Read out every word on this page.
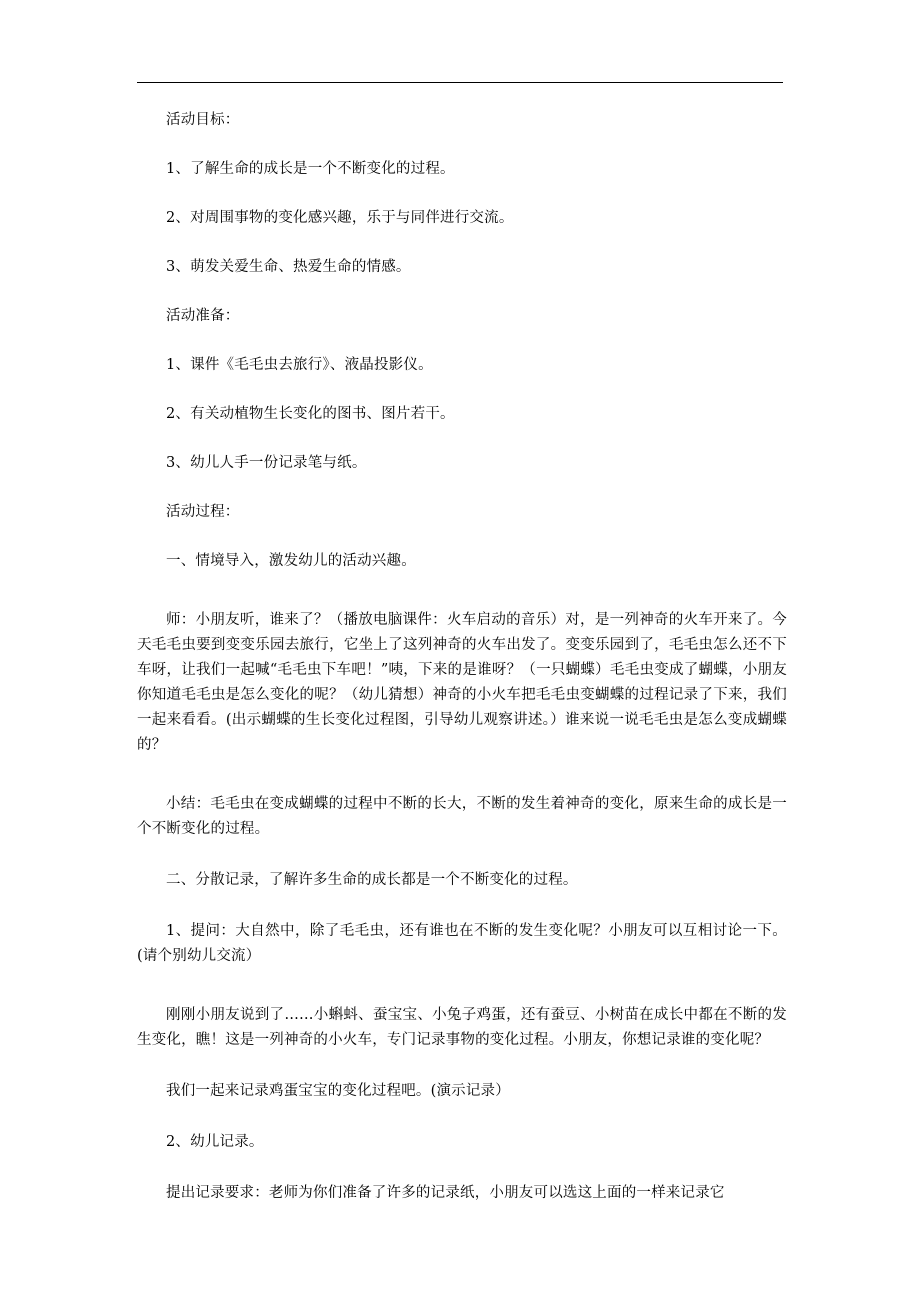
活动目标：

1、了解生命的成长是一个不断变化的过程。

2、对周围事物的变化感兴趣，乐于与同伴进行交流。

3、萌发关爱生命、热爱生命的情感。

活动准备：

1、课件《毛毛虫去旅行》、液晶投影仪。

2、有关动植物生长变化的图书、图片若干。

3、幼儿人手一份记录笔与纸。

活动过程：

一、情境导入，激发幼儿的活动兴趣。

师：小朋友听，谁来了？（播放电脑课件：火车启动的音乐）对，是一列神奇的火车开来了。今天毛毛虫要到变变乐园去旅行，它坐上了这列神奇的火车出发了。变变乐园到了，毛毛虫怎么还不下车呀，让我们一起喊“毛毛虫下车吧！”咦，下来的是谁呀？（一只蝴蝶）毛毛虫变成了蝴蝶，小朋友你知道毛毛虫是怎么变化的呢？（幼儿猜想）神奇的小火车把毛毛虫变蝴蝶的过程记录了下来，我们一起来看看。(出示蝴蝶的生长变化过程图，引导幼儿观察讲述。）谁来说一说毛毛虫是怎么变成蝴蝶的？

小结：毛毛虫在变成蝴蝶的过程中不断的长大，不断的发生着神奇的变化，原来生命的成长是一个不断变化的过程。

二、分散记录，了解许多生命的成长都是一个不断变化的过程。

1、提问：大自然中，除了毛毛虫，还有谁也在不断的发生变化呢？小朋友可以互相讨论一下。(请个别幼儿交流）

刚刚小朋友说到了……小蝌蚪、蚕宝宝、小兔子鸡蛋，还有蚕豆、小树苗在成长中都在不断的发生变化，瞧！这是一列神奇的小火车，专门记录事物的变化过程。小朋友，你想记录谁的变化呢？

我们一起来记录鸡蛋宝宝的变化过程吧。(演示记录）

2、幼儿记录。

提出记录要求：老师为你们准备了许多的记录纸，小朋友可以选这上面的一样来记录它
